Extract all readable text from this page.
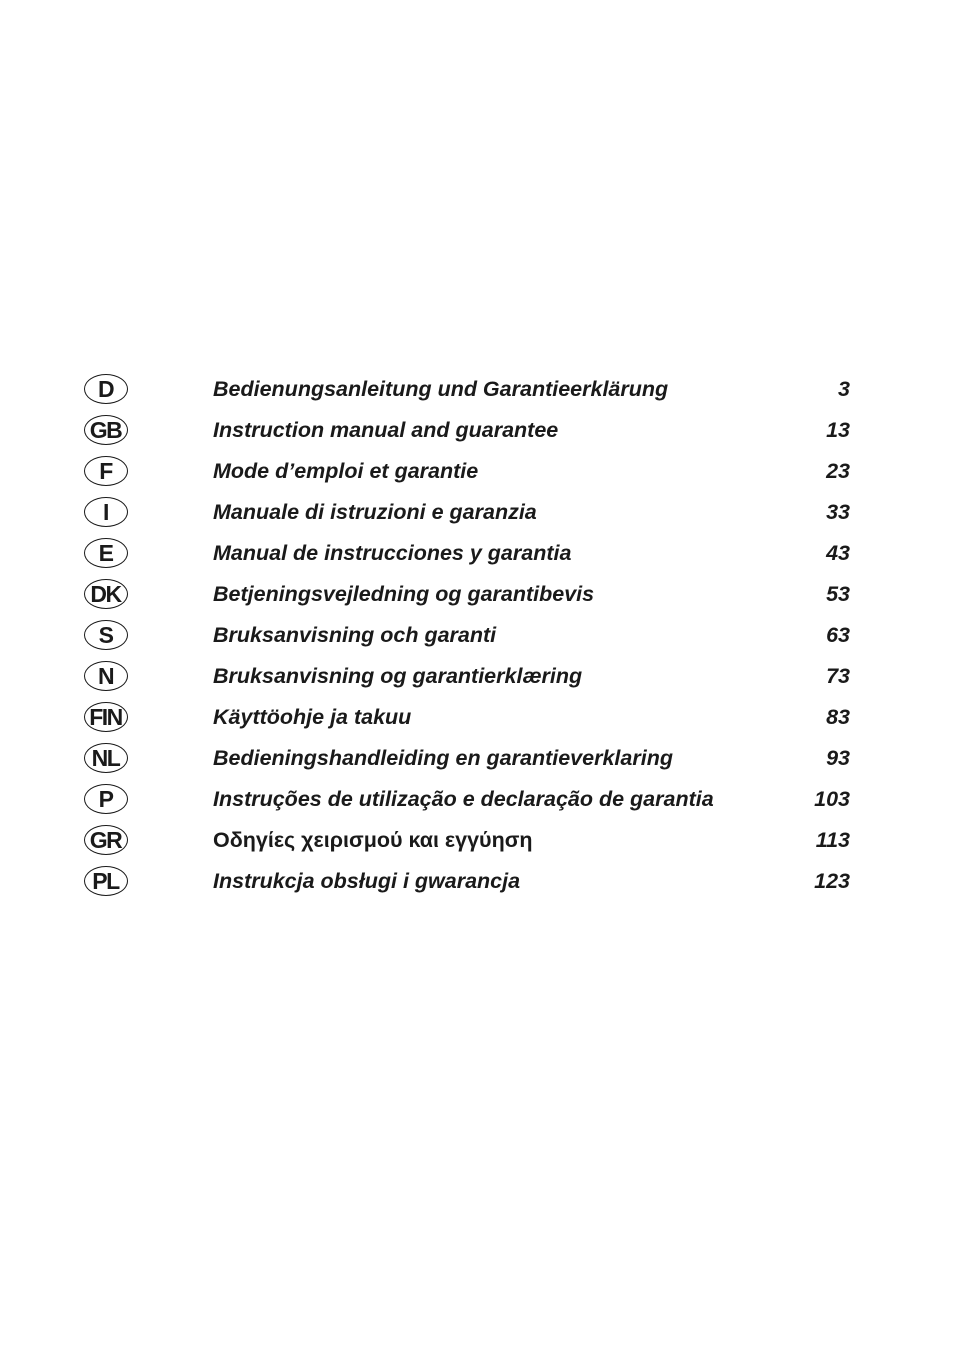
D	Bedienungsanleitung und Garantieerklärung	3
GB	Instruction manual and guarantee	13
F	Mode d’emploi et garantie	23
I	Manuale di istruzioni e garanzia	33
E	Manual de instrucciones y garantia	43
DK	Betjeningsvejledning og garantibevis	53
S	Bruksanvisning och garanti	63
N	Bruksanvisning og garantierklæring	73
FIN	Käyttöohje ja takuu	83
NL	Bedieningshandleiding en garantieverklaring	93
P	Instruções de utilização e declaração de garantia	103
GR	Οδηγίες χειρισμού και εγγύηση	113
PL	Instrukcja obsługi i gwarancja	123
